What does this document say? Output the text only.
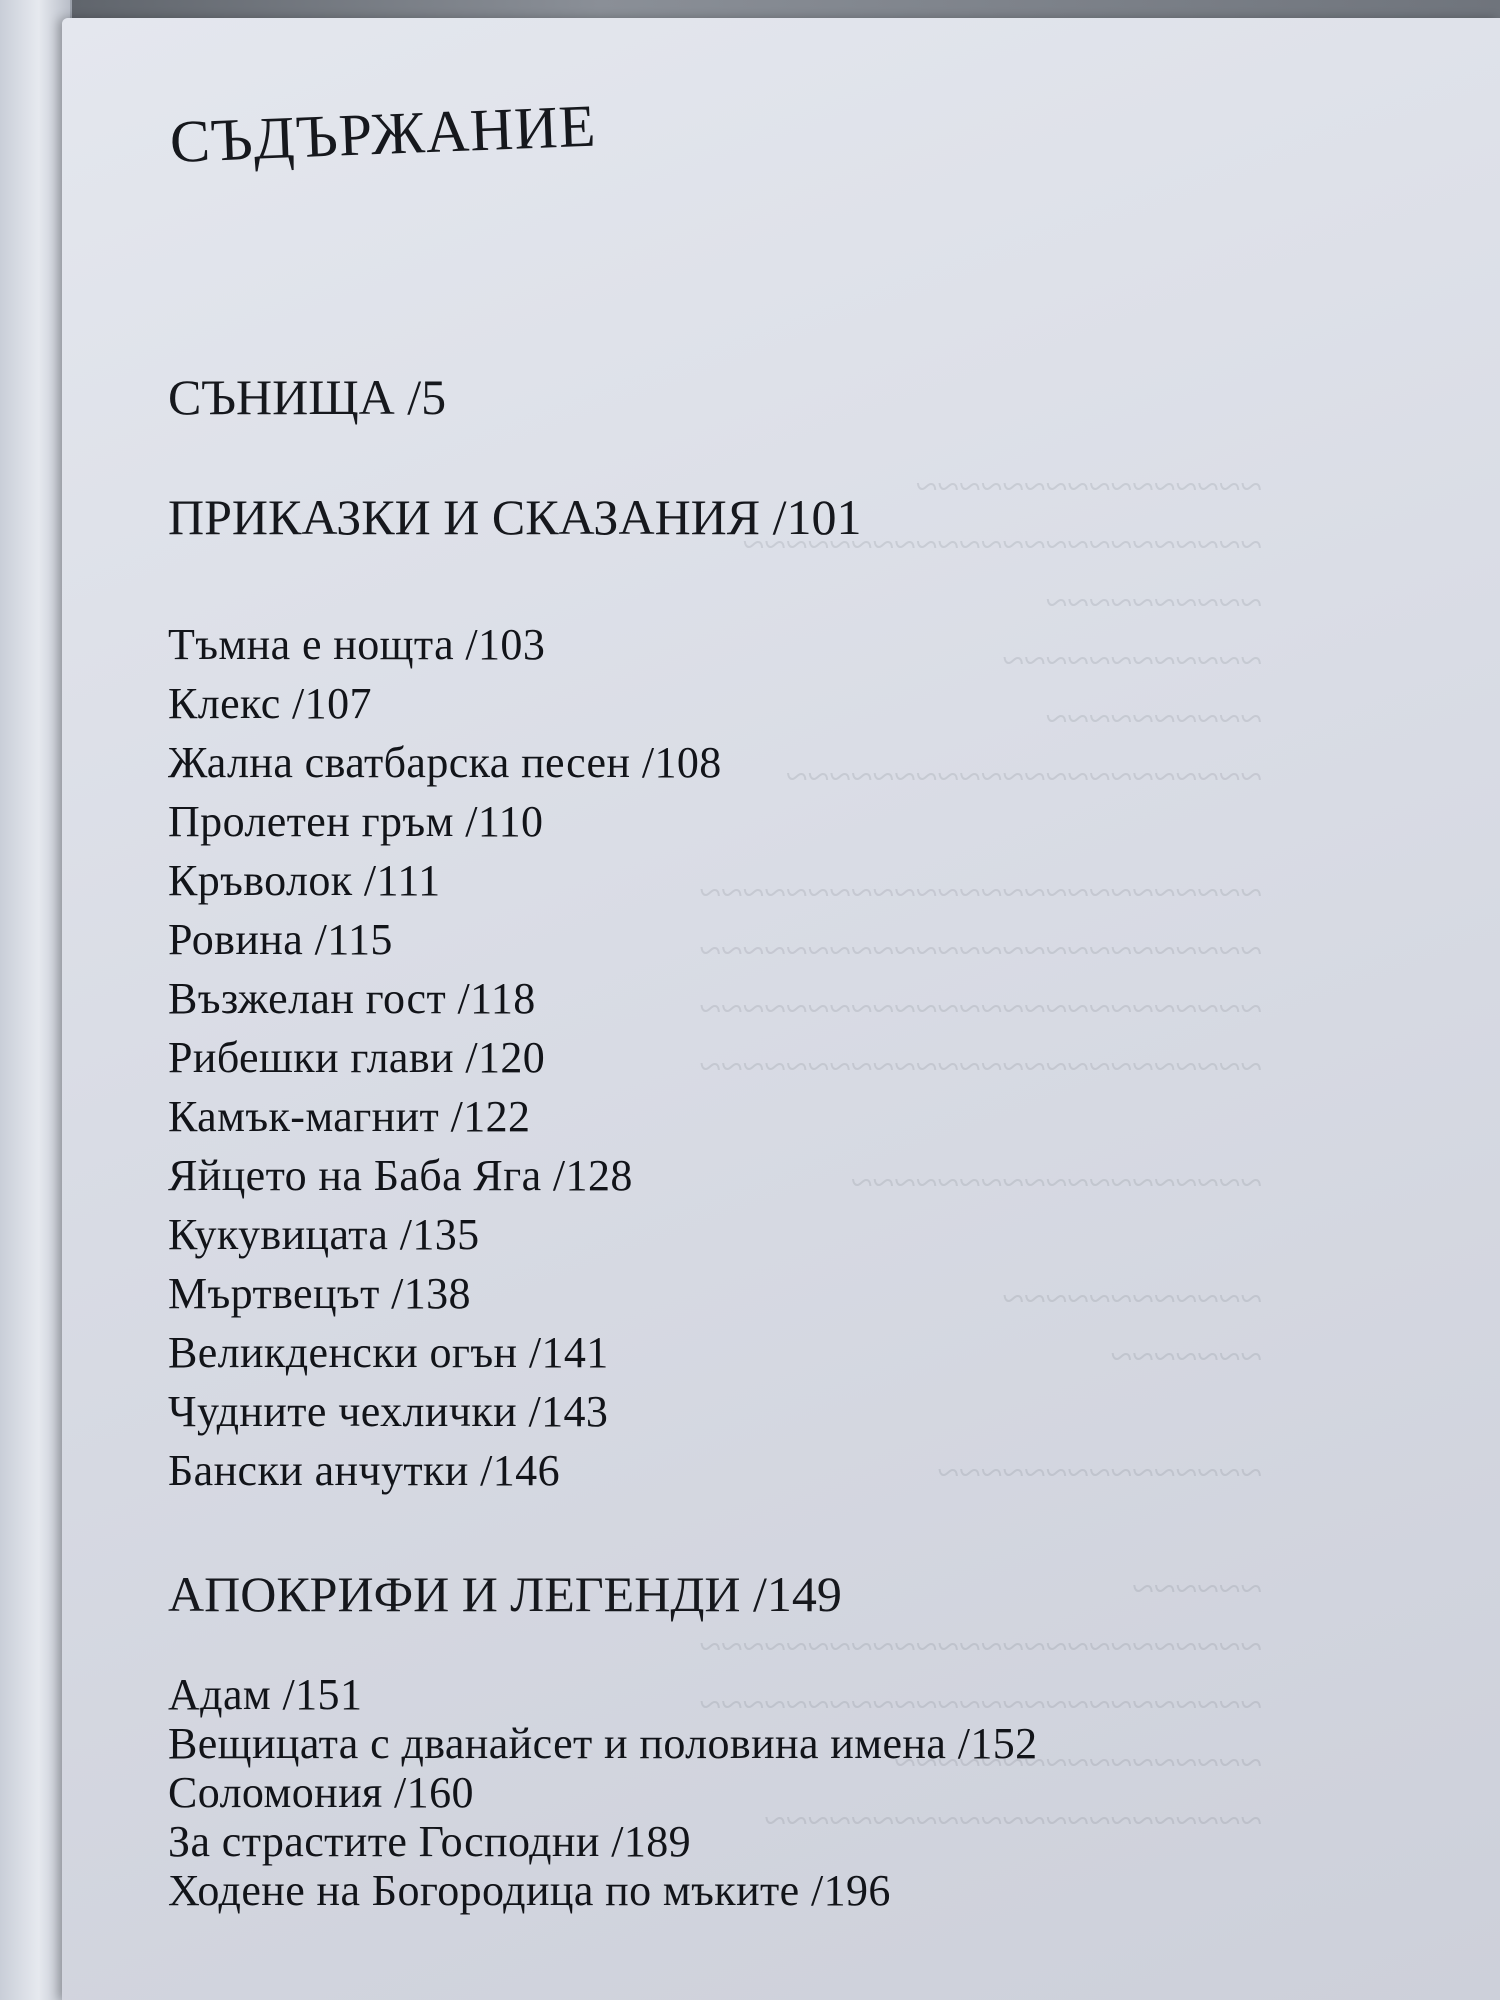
~~~~~~~~~~~~~~~~
~~~~~~~~~~~~~~~~~~~~~~~~
~~~~~~~~~~
~~~~~~~~~~~~
~~~~~~~~~~
~~~~~~~~~~~~~~~~~~~~~~

~~~~~~~~~~~~~~~~~~~~~~~~~~
~~~~~~~~~~~~~~~~~~~~~~~~~~
~~~~~~~~~~~~~~~~~~~~~~~~~~
~~~~~~~~~~~~~~~~~~~~~~~~~~

~~~~~~~~~~~~~~~~~~~

~~~~~~~~~~~~
~~~~~~~

~~~~~~~~~~~~~~~

~~~~~~
~~~~~~~~~~~~~~~~~~~~~~~~~~
~~~~~~~~~~~~~~~~~~~~~~~~~~
~~~~~~~~~~~~~~~~~
~~~~~~~~~~~~~~~~~~~~~~~
СЪДЪРЖАНИЕ
СЪНИЩА /5
ПРИКАЗКИ И СКАЗАНИЯ /101
Тъмна е нощта /103
Клекс /107
Жална сватбарска песен /108
Пролетен гръм /110
Кръволок /111
Ровина /115
Възжелан гост /118
Рибешки глави /120
Камък-магнит /122
Яйцето на Баба Яга /128
Кукувицата /135
Мъртвецът /138
Великденски огън /141
Чудните чехлички /143
Бански анчутки /146
АПОКРИФИ И ЛЕГЕНДИ /149
Адам /151
Вещицата с дванайсет и половина имена /152
Соломония /160
За страстите Господни /189
Ходене на Богородица по мъките /196
